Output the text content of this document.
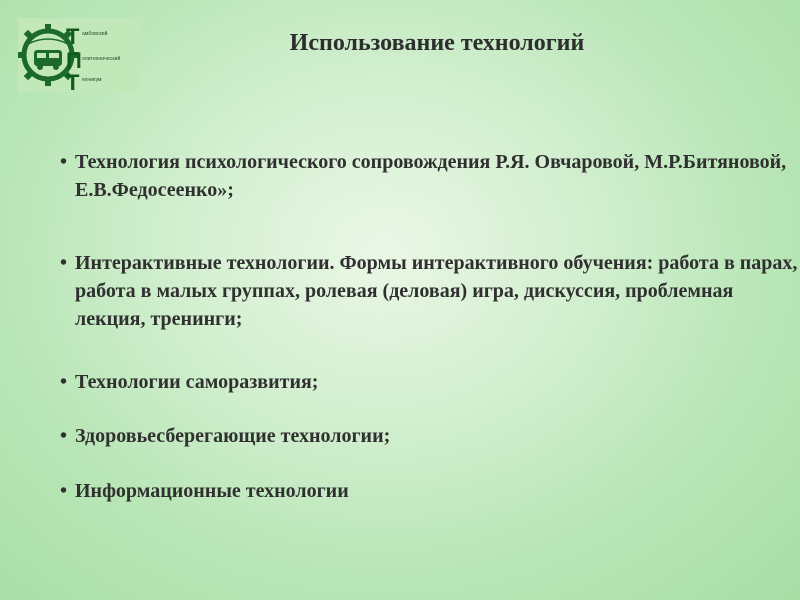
Т
П
Т
амбовский
олитехнический
ехникум
Использование технологий
• Технология психологического сопровождения Р.Я. Овчаровой, М.Р.Битяновой, Е.В.Федосеенко»;
• Интерактивные технологии. Формы интерактивного обучения: работа в парах, работа в малых группах, ролевая (деловая) игра, дискуссия, проблемная лекция, тренинги;
• Технологии саморазвития;
• Здоровьесберегающие технологии;
• Информационные технологии
